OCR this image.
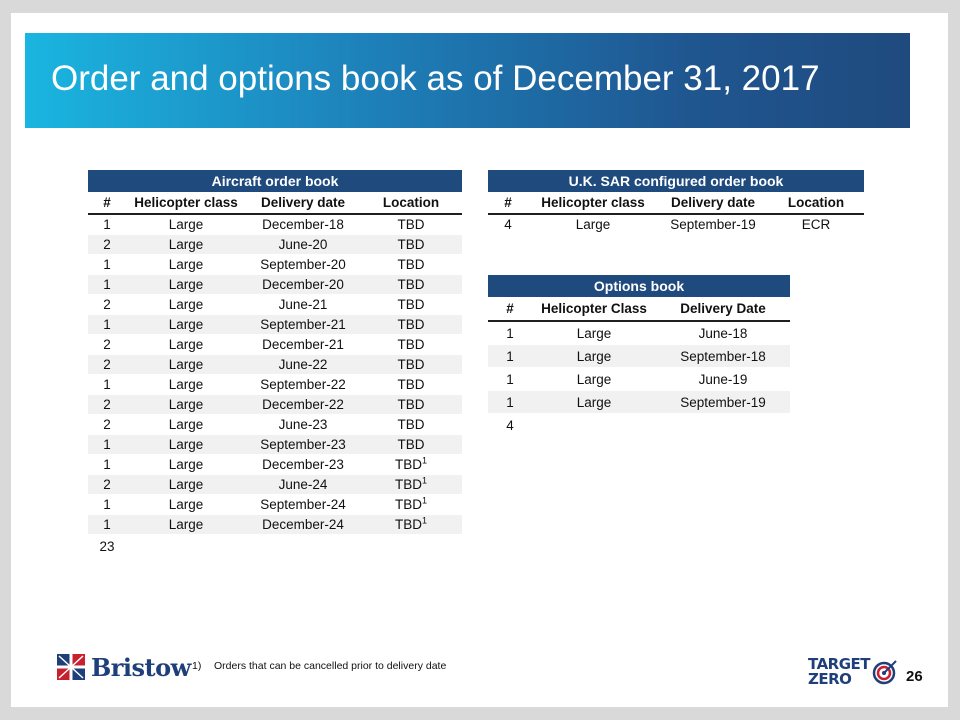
Order and options book as of December 31, 2017
Aircraft order book			
#	Helicopter class	Delivery date	Location
1	Large	December-18	TBD
2	Large	June-20	TBD
1	Large	September-20	TBD
1	Large	December-20	TBD
2	Large	June-21	TBD
1	Large	September-21	TBD
2	Large	December-21	TBD
2	Large	June-22	TBD
1	Large	September-22	TBD
2	Large	December-22	TBD
2	Large	June-23	TBD
1	Large	September-23	TBD
1	Large	December-23	TBD$^1$
2	Large	June-24	TBD$^1$
1	Large	September-24	TBD$^1$
1	Large	December-24	TBD$^1$
23			
U.K. SAR configured order book			
#	Helicopter class	Delivery date	Location
4	Large	September-19	ECR
Options book		
#	Helicopter Class	Delivery Date
1	Large	June-18
1	Large	September-18
1	Large	June-19
1	Large	September-19
4		
Bristow 1) Orders that can be cancelled prior to delivery date	TARGET
ZERO	26
